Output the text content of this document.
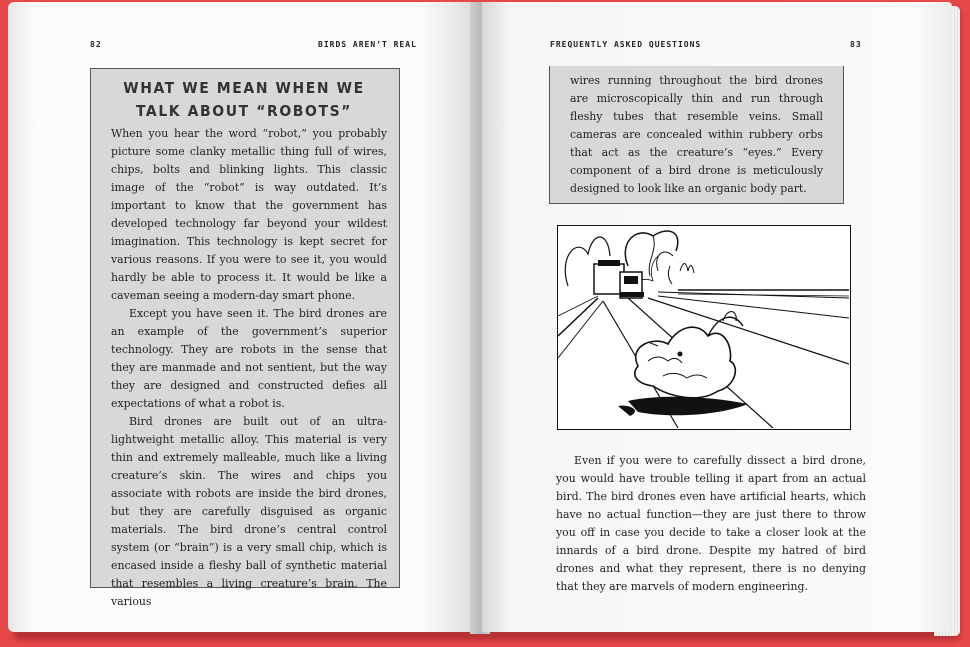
82	BIRDS AREN’T REAL
WHAT WE MEAN WHEN WE TALK ABOUT “ROBOTS”

When you hear the word “robot,” you probably picture some clanky metallic thing full of wires, chips, bolts and blinking lights. This classic image of the “robot” is way outdated. It’s important to know that the government has developed technology far beyond your wildest imagination. This technology is kept secret for various reasons. If you were to see it, you would hardly be able to process it. It would be like a caveman seeing a modern-day smart phone.

Except you have seen it. The bird drones are an example of the government’s superior technology. They are robots in the sense that they are manmade and not sentient, but the way they are designed and constructed defies all expectations of what a robot is.

Bird drones are built out of an ultra-lightweight metallic alloy. This material is very thin and extremely malleable, much like a living creature’s skin. The wires and chips you associate with robots are inside the bird drones, but they are carefully disguised as organic materials. The bird drone’s central control system (or “brain”) is a very small chip, which is encased inside a fleshy ball of synthetic material that resembles a living creature’s brain. The various

FREQUENTLY ASKED QUESTIONS	83

wires running throughout the bird drones are microscopically thin and run through fleshy tubes that resemble veins. Small cameras are concealed within rubbery orbs that act as the creature’s “eyes.” Every component of a bird drone is meticulously designed to look like an organic body part.

Even if you were to carefully dissect a bird drone, you would have trouble telling it apart from an actual bird. The bird drones even have artificial hearts, which have no actual function—they are just there to throw you off in case you decide to take a closer look at the innards of a bird drone. Despite my hatred of bird drones and what they represent, there is no denying that they are marvels of modern engineering.
